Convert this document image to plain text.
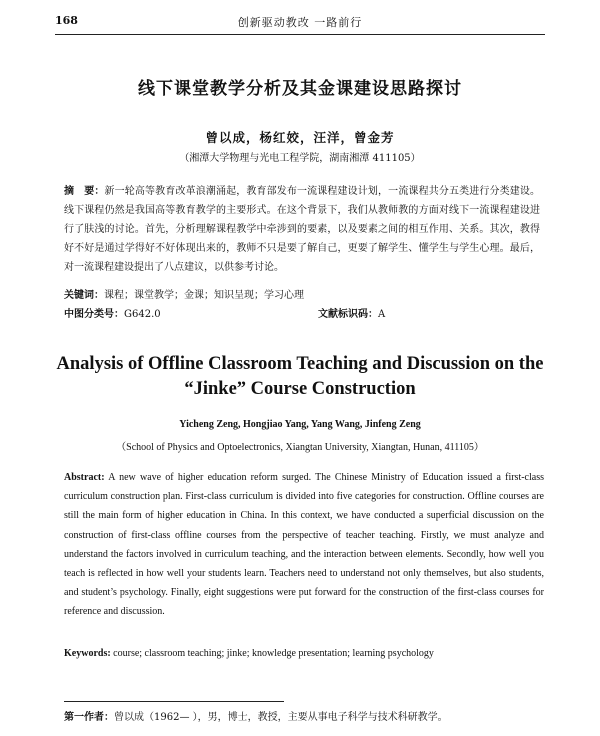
168	创新驱动教改 一路前行
线下课堂教学分析及其金课建设思路探讨
曾以成，杨红姣，汪洋，曾金芳
（湘潭大学物理与光电工程学院，湖南湘潭 411105）
摘　要：新一轮高等教育改革浪潮涌起，教育部发布一流课程建设计划，一流课程共分五类进行分类建设。线下课程仍然是我国高等教育教学的主要形式。在这个背景下，我们从教师教的方面对线下一流课程建设进行了肤浅的讨论。首先，分析理解课程教学中牵涉到的要素，以及要素之间的相互作用、关系。其次，教得好不好是通过学得好不好体现出来的，教师不只是要了解自己，更要了解学生、懂学生与学生心理。最后，对一流课程建设提出了八点建议，以供参考讨论。
关键词：课程；课堂教学；金课；知识呈现；学习心理
中图分类号：G642.0	文献标识码：A
Analysis of Offline Classroom Teaching and Discussion on the “Jinke” Course Construction
Yicheng Zeng, Hongjiao Yang, Yang Wang, Jinfeng Zeng
（School of Physics and Optoelectronics, Xiangtan University, Xiangtan, Hunan, 411105）
Abstract: A new wave of higher education reform surged. The Chinese Ministry of Education issued a first-class curriculum construction plan. First-class curriculum is divided into five categories for construction. Offline courses are still the main form of higher education in China. In this context, we have conducted a superficial discussion on the construction of first-class offline courses from the perspective of teacher teaching. Firstly, we must analyze and understand the factors involved in curriculum teaching, and the interaction between elements. Secondly, how well you teach is reflected in how well your students learn. Teachers need to understand not only themselves, but also students, and student’s psychology. Finally, eight suggestions were put forward for the construction of the first-class courses for reference and discussion.
Keywords: course; classroom teaching; jinke; knowledge presentation; learning psychology
第一作者：曾以成（1962— ），男，博士，教授，主要从事电子科学与技术科研教学。
